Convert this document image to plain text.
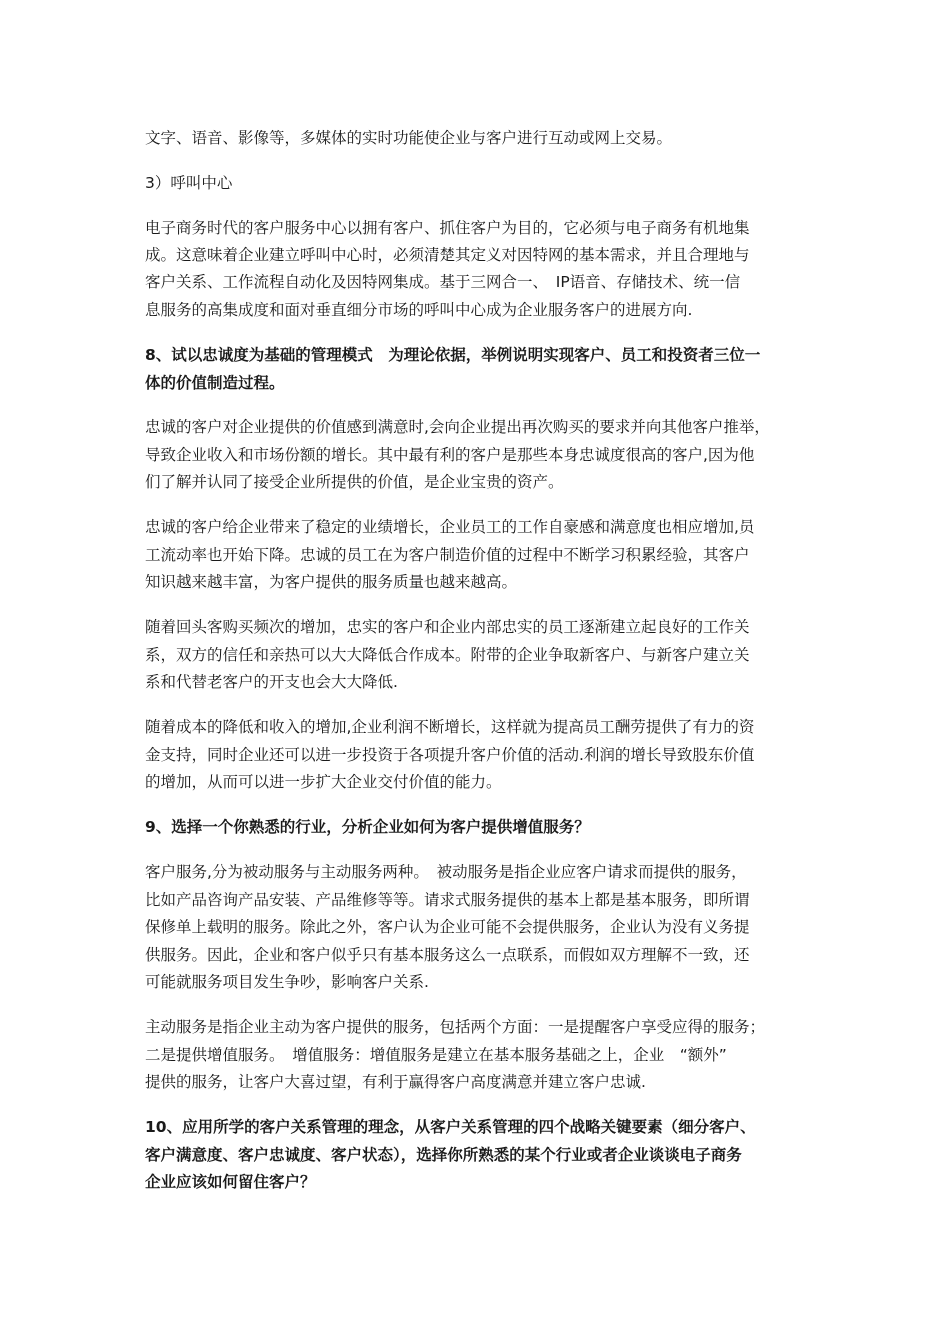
文字、语音、影像等，多媒体的实时功能使企业与客户进行互动或网上交易。
3）呼叫中心
电子商务时代的客户服务中心以拥有客户、抓住客户为目的，它必须与电子商务有机地集
成。这意味着企业建立呼叫中心时，必须清楚其定义对因特网的基本需求，并且合理地与
客户关系、工作流程自动化及因特网集成。基于三网合一、　IP语音、存储技术、统一信
息服务的高集成度和面对垂直细分市场的呼叫中心成为企业服务客户的进展方向.
8、试以忠诚度为基础的管理模式　为理论依据，举例说明实现客户、员工和投资者三位一
体的价值制造过程。
忠诚的客户对企业提供的价值感到满意时,会向企业提出再次购买的要求并向其他客户推举，
导致企业收入和市场份额的增长。其中最有利的客户是那些本身忠诚度很高的客户,因为他
们了解并认同了接受企业所提供的价值，是企业宝贵的资产。
忠诚的客户给企业带来了稳定的业绩增长，企业员工的工作自豪感和满意度也相应增加,员
工流动率也开始下降。忠诚的员工在为客户制造价值的过程中不断学习积累经验，其客户
知识越来越丰富，为客户提供的服务质量也越来越高。
随着回头客购买频次的增加，忠实的客户和企业内部忠实的员工逐渐建立起良好的工作关
系，双方的信任和亲热可以大大降低合作成本。附带的企业争取新客户、与新客户建立关
系和代替老客户的开支也会大大降低.
随着成本的降低和收入的增加,企业利润不断增长，这样就为提高员工酬劳提供了有力的资
金支持，同时企业还可以进一步投资于各项提升客户价值的活动.利润的增长导致股东价值
的增加，从而可以进一步扩大企业交付价值的能力。
9、选择一个你熟悉的行业，分析企业如何为客户提供增值服务？
客户服务,分为被动服务与主动服务两种。　被动服务是指企业应客户请求而提供的服务，
比如产品咨询产品安装、产品维修等等。请求式服务提供的基本上都是基本服务，即所谓
保修单上载明的服务。除此之外，客户认为企业可能不会提供服务，企业认为没有义务提
供服务。因此，企业和客户似乎只有基本服务这么一点联系，而假如双方理解不一致，还
可能就服务项目发生争吵，影响客户关系.
主动服务是指企业主动为客户提供的服务，包括两个方面：一是提醒客户享受应得的服务；
二是提供增值服务。　增值服务：增值服务是建立在基本服务基础之上，企业　“额外”
提供的服务，让客户大喜过望，有利于赢得客户高度满意并建立客户忠诚.
10、应用所学的客户关系管理的理念，从客户关系管理的四个战略关键要素（细分客户、
客户满意度、客户忠诚度、客户状态），选择你所熟悉的某个行业或者企业谈谈电子商务
企业应该如何留住客户？
